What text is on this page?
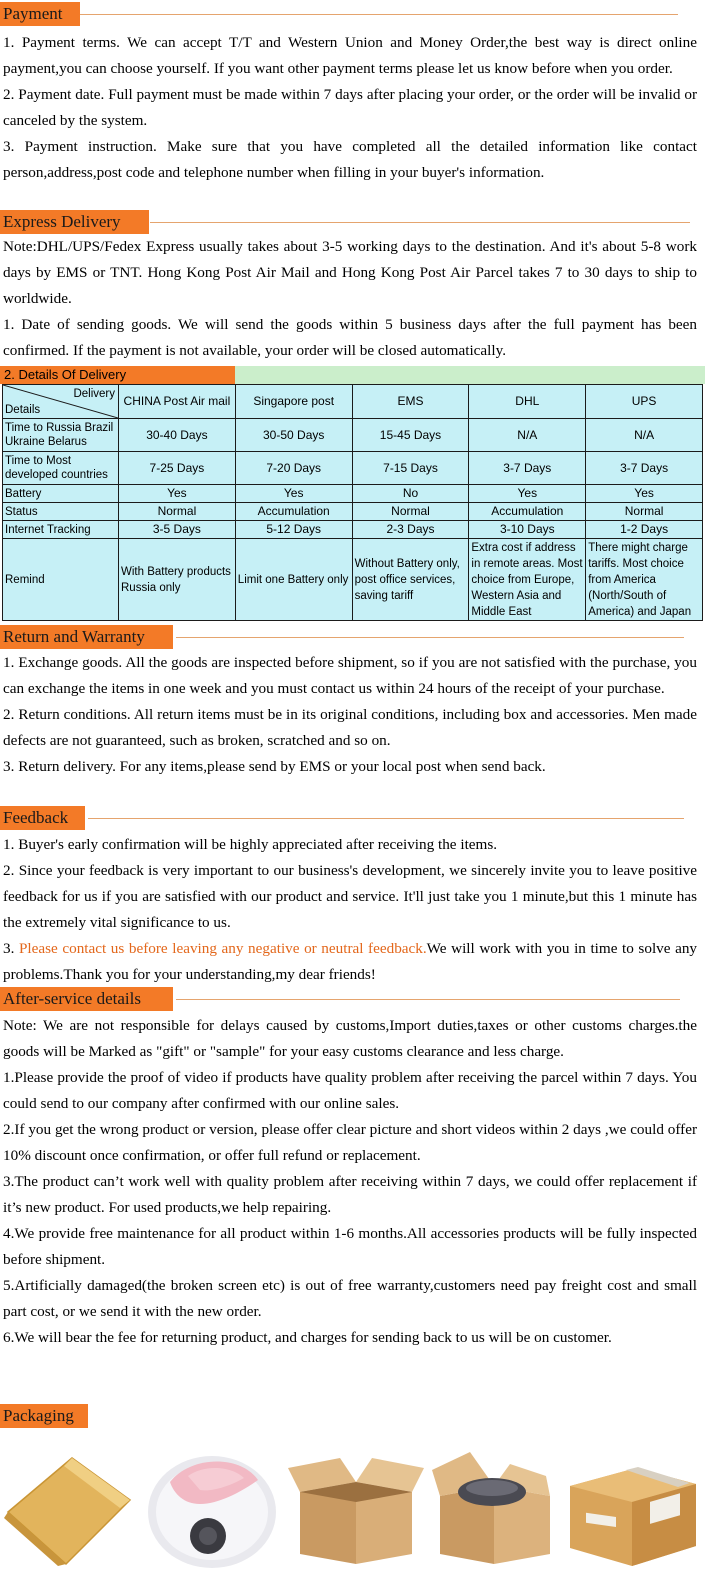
Payment

1. Payment terms. We can accept T/T and Western Union and Money Order,the best way is direct online payment,you can choose yourself. If you want other payment terms please let us know before when you order.

2. Payment date. Full payment must be made within 7 days after placing your order, or the order will be invalid or canceled by the system.

3. Payment instruction. Make sure that you have completed all the detailed information like contact person,address,post code and telephone number when filling in your buyer's information.

Express Delivery

Note:DHL/UPS/Fedex Express usually takes about 3-5 working days to the destination. And it's about 5-8 work days by EMS or TNT. Hong Kong Post Air Mail and Hong Kong Post Air Parcel takes 7 to 30 days to ship to worldwide.

1. Date of sending goods. We will send the goods within 5 business days after the full payment has been confirmed. If the payment is not available, your order will be closed automatically.

2. Details Of Delivery
Delivery
Details	CHINA Post Air mail	Singapore post	EMS	DHL	UPS
Time to Russia Brazil Ukraine Belarus	30-40 Days	30-50 Days	15-45 Days	N/A	N/A
Time to Most developed countries	7-25 Days	7-20 Days	7-15 Days	3-7 Days	3-7 Days
Battery	Yes	Yes	No	Yes	Yes
Status	Normal	Accumulation	Normal	Accumulation	Normal
Internet Tracking	3-5 Days	5-12 Days	2-3 Days	3-10 Days	1-2 Days
Remind	With Battery products Russia only	Limit one Battery only	Without Battery only, post office services, saving tariff	Extra cost if address in remote areas. Most choice from Europe, Western Asia and Middle East	There might charge tariffs. Most choice from America (North/South of America) and Japan
Return and Warranty

1. Exchange goods. All the goods are inspected before shipment, so if you are not satisfied with the purchase, you can exchange the items in one week and you must contact us within 24 hours of the receipt of your purchase.

2. Return conditions. All return items must be in its original conditions, including box and accessories. Men made defects are not guaranteed, such as broken, scratched and so on.

3. Return delivery. For any items,please send by EMS or your local post when send back.

Feedback

1. Buyer's early confirmation will be highly appreciated after receiving the items.

2. Since your feedback is very important to our business's development, we sincerely invite you to leave positive feedback for us if you are satisfied with our product and service. It'll just take you 1 minute,but this 1 minute has the extremely vital significance to us.

3. Please contact us before leaving any negative or neutral feedback.We will work with you in time to solve any problems.Thank you for your understanding,my dear friends!

After-service details

Note: We are not responsible for delays caused by customs,Import duties,taxes or other customs charges.the goods will be Marked as "gift" or "sample" for your easy customs clearance and less charge.

1.Please provide the proof of video if products have quality problem after receiving the parcel within 7 days. You could send to our company after confirmed with our online sales.

2.If you get the wrong product or version, please offer clear picture and short videos within 2 days ,we could offer 10% discount once confirmation, or offer full refund or replacement.

3.The product can’t work well with quality problem after receiving within 7 days, we could offer replacement if it’s new product. For used products,we help repairing.

4.We provide free maintenance for all product within 1-6 months.All accessories products will be fully inspected before shipment.

5.Artificially damaged(the broken screen etc) is out of free warranty,customers need pay freight cost and small part cost, or we send it with the new order.

6.We will bear the fee for returning product, and charges for sending back to us will be on customer.

Packaging
